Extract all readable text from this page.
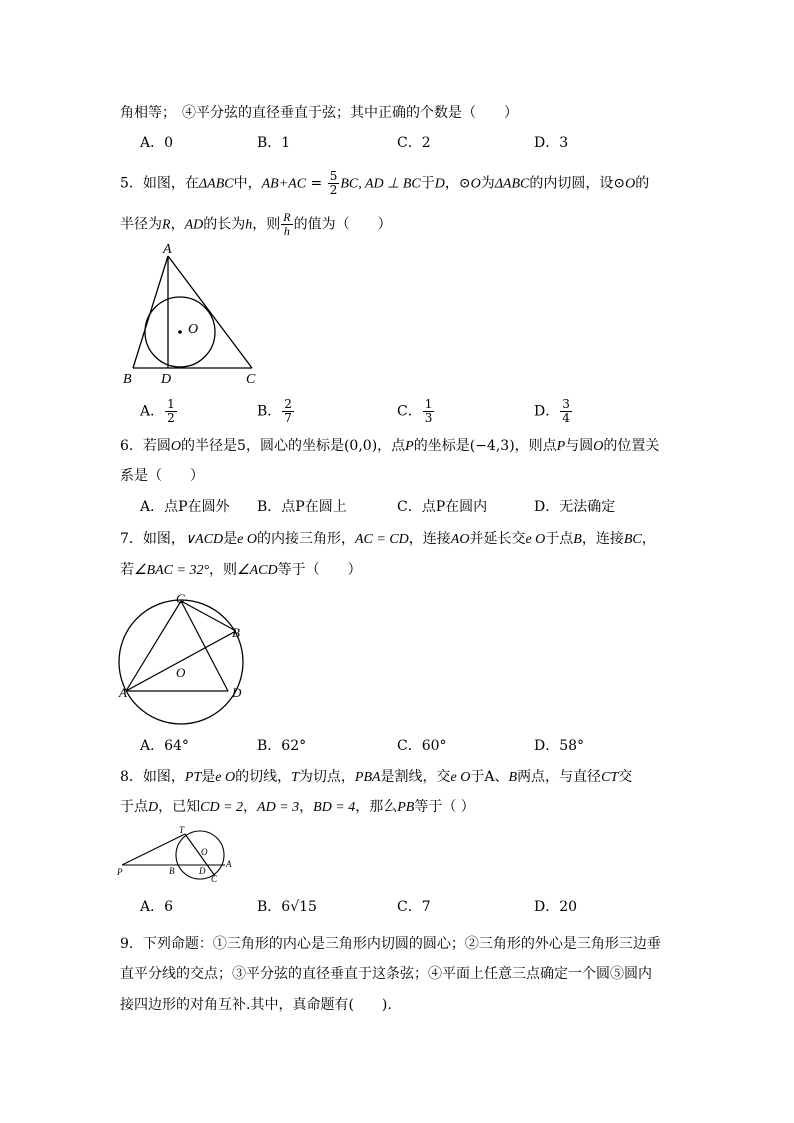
角相等； ④平分弦的直径垂直于弦；其中正确的个数是（　　）
A．0	B．1	C．2	D．3
5．如图，在ΔABC中，$AB+AC = \frac{5}{2}$ BC, AD ⊥ BC于D，⊙O为ΔABC的内切圆，设⊙O的
半径为R，AD的长为h，则 $\frac{R}{h}$ 的值为（　　）
A
O
B D	C
A． $\frac{1}{2}$	B． $\frac{2}{7}$	C． $\frac{1}{3}$	D． $\frac{3}{4}$
6．若圆O的半径是5，圆心的坐标是(0,0)，点P的坐标是(−4,3)，则点P与圆O的位置关
系是（　　）
A．点P在圆外 B．点P在圆上	C．点P在圆内	D．无法确定
7．如图，∨ACD是e O的内接三角形，AC = CD，连接AO并延长交e O于点B，连接BC，
若∠BAC = 32°，则∠ACD等于（　　）
C
B
O
A	D
A．64°	B．62°	C．60°	D．58°
8．如图，PT是e O的切线，T为切点，PBA是割线，交e O于A、B两点，与直径CT交
于点D，已知CD = 2，AD = 3，BD = 4，那么PB等于（ ）
T
O
P	B	D
A
C
A．6	B．6√15	C．7	D．20
9．下列命题：①三角形的内心是三角形内切圆的圆心；②三角形的外心是三角形三边垂
直平分线的交点；③平分弦的直径垂直于这条弦；④平面上任意三点确定一个圆⑤圆内
接四边形的对角互补.其中，真命题有(　　).
